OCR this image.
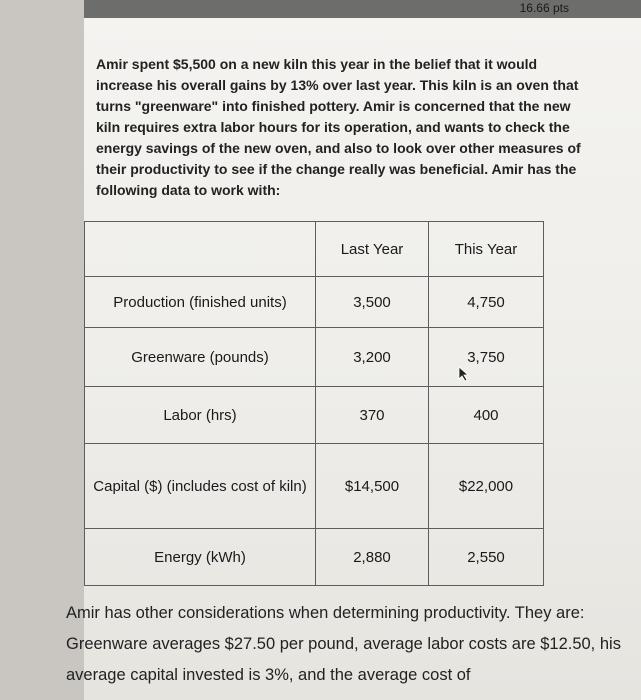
16.66 pts

Amir spent $5,500 on a new kiln this year in the belief that it would increase his overall gains by 13% over last year. This kiln is an oven that turns "greenware" into finished pottery. Amir is concerned that the new kiln requires extra labor hours for its operation, and wants to check the energy savings of the new oven, and also to look over other measures of their productivity to see if the change really was beneficial. Amir has the following data to work with:

	Last Year	This Year
Production (finished units)	3,500	4,750
Greenware (pounds)	3,200	3,750
Labor (hrs)	370	400
Capital ($) (includes cost of kiln)	$14,500	$22,000
Energy (kWh)	2,880	2,550

Amir has other considerations when determining productivity. They are: Greenware averages $27.50 per pound, average labor costs are $12.50, his average capital invested is 3%, and the average cost of
